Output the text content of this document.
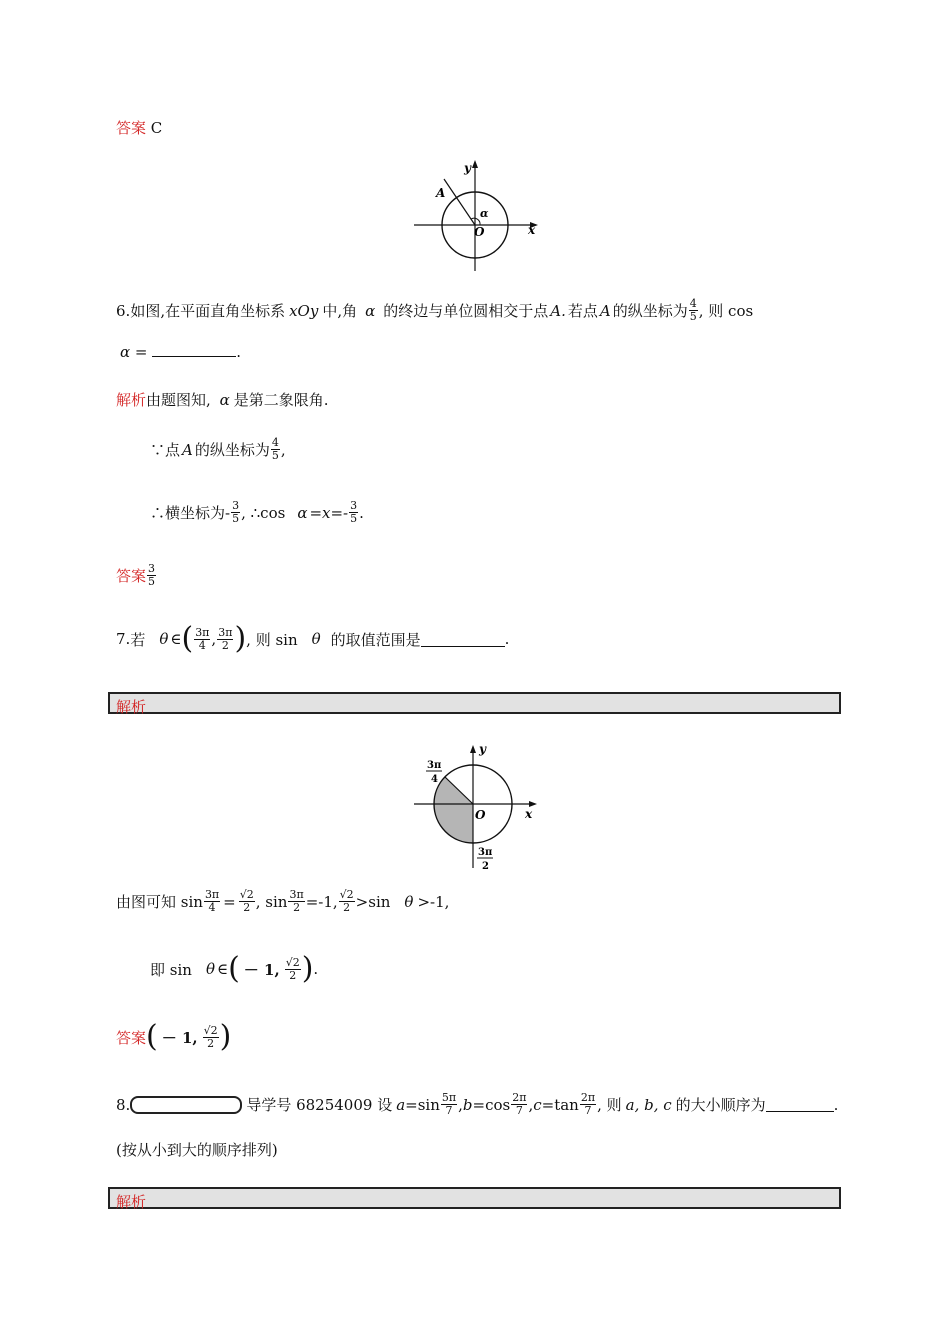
答案 C
y
x
O
A
α
6. 如图,在平面直角坐标系 xOy 中,角 α 的终边与单位圆相交于点 A. 若点 A 的纵坐标为 $\frac{4}{5}$ , 则 cos
α =	.
解析由题图知, α 是第二象限角.
∵点 A 的纵坐标为 $\frac{4}{5}$ ,
∴横坐标为 - $\frac{3}{5}$ , ∴cos $\alpha =x=- \frac{3}{5}$ .
答案 $\frac{3}{5}$
7. 若 θ ∈ ( $\frac{3\pi}{4}$ , $\frac{3\pi}{2}$ ) , 则 sin θ 的取值范围是	.
解析
y
x
O
3π
4
3π
2
由图可知 $\sin \frac{3\pi}{4} = \frac{√2}{2}$ , $\sin \frac{3\pi}{2} =-1$, $\frac{√2}{2} >\sin$ θ >-1,
即 sin θ ∈ ( － 1, $\frac{√2}{2}$ ) .
答案 ( － 1, $\frac{√2}{2}$ )
8.	导学号 68254009 设 $a =\sin \frac{5\pi}{7}$ , $b =\cos \frac{2\pi}{7}$ , $c =\tan \frac{2\pi}{7}$ , 则 a, b, c 的大小顺序为	.
(按从小到大的顺序排列)
解析
